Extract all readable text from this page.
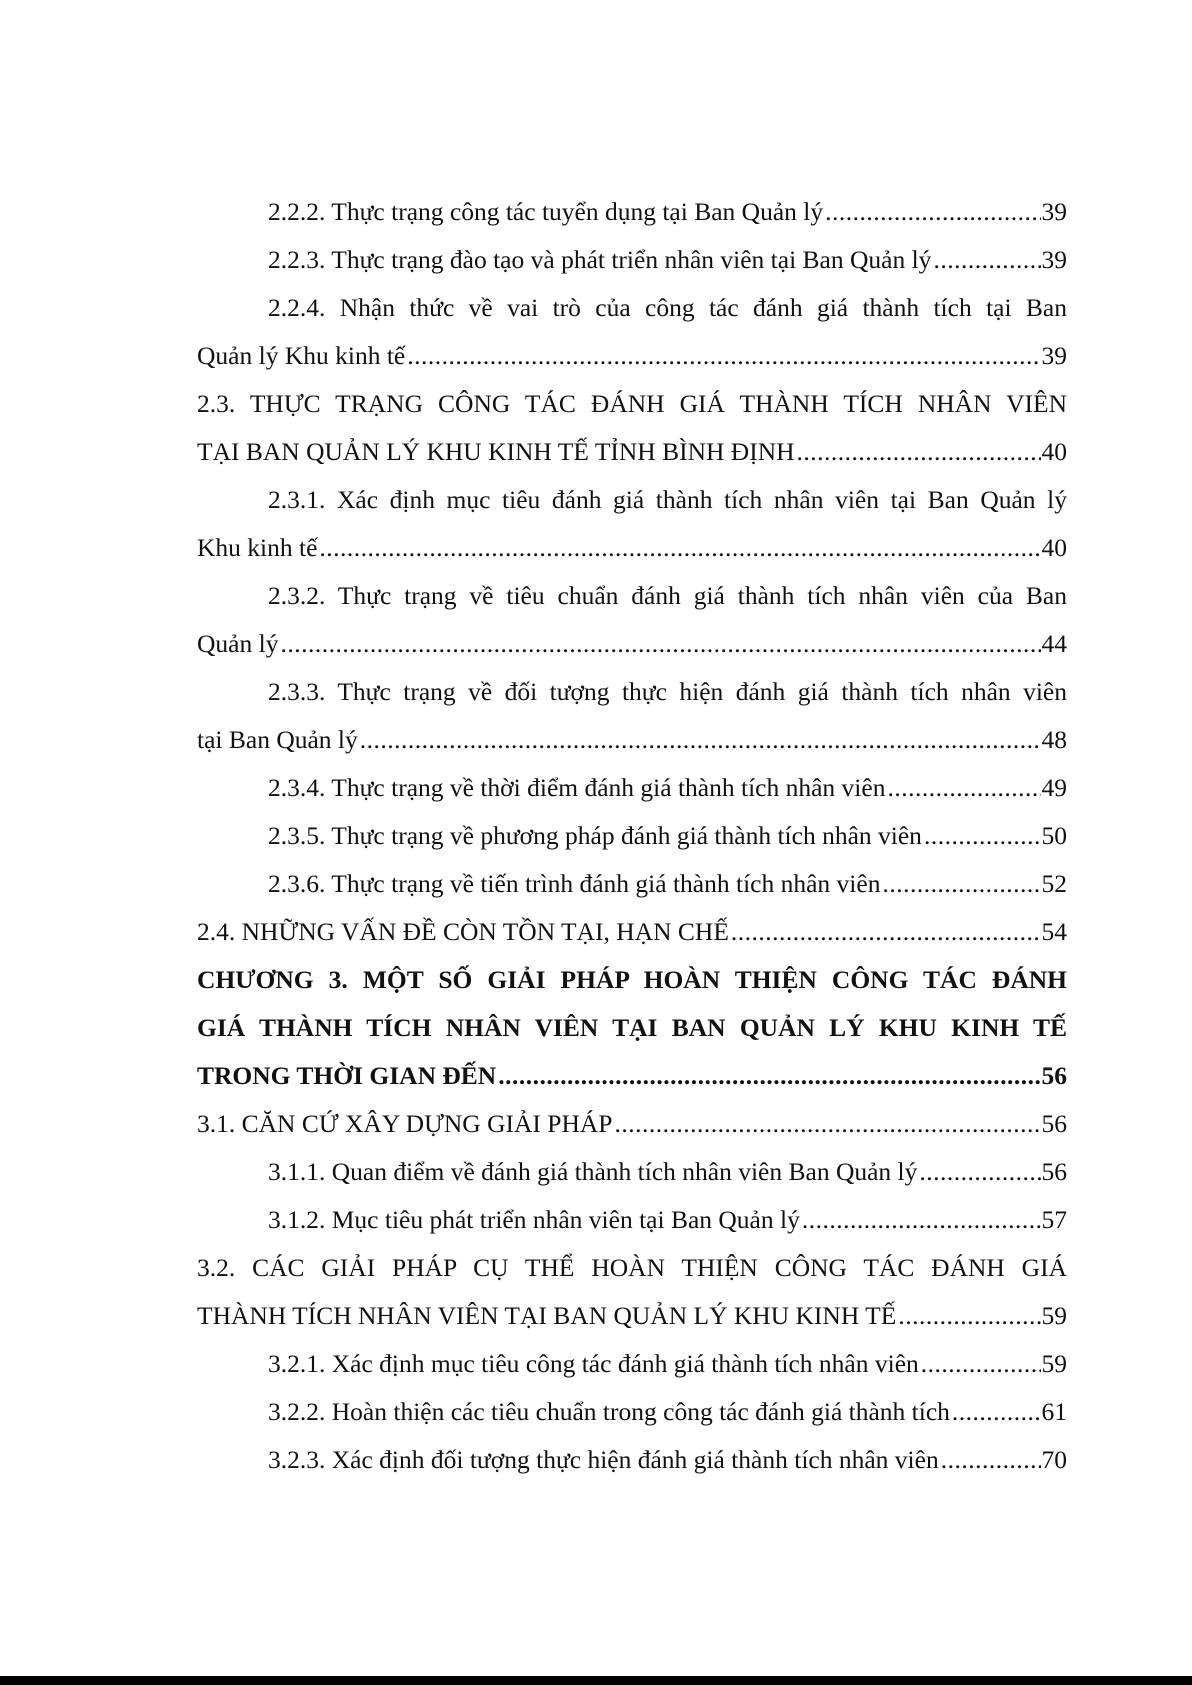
2.2.2. Thực trạng công tác tuyển dụng tại Ban Quản lý .....	39
2.2.3. Thực trạng đào tạo và phát triển nhân viên tại Ban Quản lý .....	39
2.2.4. Nhận thức về vai trò của công tác đánh giá thành tích tại Ban
Quản lý Khu kinh tế .....	39
2.3. THỰC TRẠNG CÔNG TÁC ĐÁNH GIÁ THÀNH TÍCH NHÂN VIÊN
TẠI BAN QUẢN LÝ KHU KINH TẾ TỈNH BÌNH ĐỊNH .....	40
2.3.1. Xác định mục tiêu đánh giá thành tích nhân viên tại Ban Quản lý
Khu kinh tế .....	40
2.3.2. Thực trạng về tiêu chuẩn đánh giá thành tích nhân viên của Ban
Quản lý .....	44
2.3.3. Thực trạng về đối tượng thực hiện đánh giá thành tích nhân viên
tại Ban Quản lý .....	48
2.3.4. Thực trạng về thời điểm đánh giá thành tích nhân viên .....	49
2.3.5. Thực trạng về phương pháp đánh giá thành tích nhân viên .....	50
2.3.6. Thực trạng về tiến trình đánh giá thành tích nhân viên .....	52
2.4. NHỮNG VẤN ĐỀ CÒN TỒN TẠI, HẠN CHẾ .....	54
CHƯƠNG 3. MỘT SỐ GIẢI PHÁP HOÀN THIỆN CÔNG TÁC ĐÁNH
GIÁ THÀNH TÍCH NHÂN VIÊN TẠI BAN QUẢN LÝ KHU KINH TẾ
TRONG THỜI GIAN ĐẾN .....	56
3.1. CĂN CỨ XÂY DỰNG GIẢI PHÁP .....	56
3.1.1. Quan điểm về đánh giá thành tích nhân viên Ban Quản lý .....	56
3.1.2. Mục tiêu phát triển nhân viên tại Ban Quản lý .....	57
3.2. CÁC GIẢI PHÁP CỤ THỂ HOÀN THIỆN CÔNG TÁC ĐÁNH GIÁ
THÀNH TÍCH NHÂN VIÊN TẠI BAN QUẢN LÝ KHU KINH TẾ .....	59
3.2.1. Xác định mục tiêu công tác đánh giá thành tích nhân viên .....	59
3.2.2. Hoàn thiện các tiêu chuẩn trong công tác đánh giá thành tích .....	61
3.2.3. Xác định đối tượng thực hiện đánh giá thành tích nhân viên .....	70
